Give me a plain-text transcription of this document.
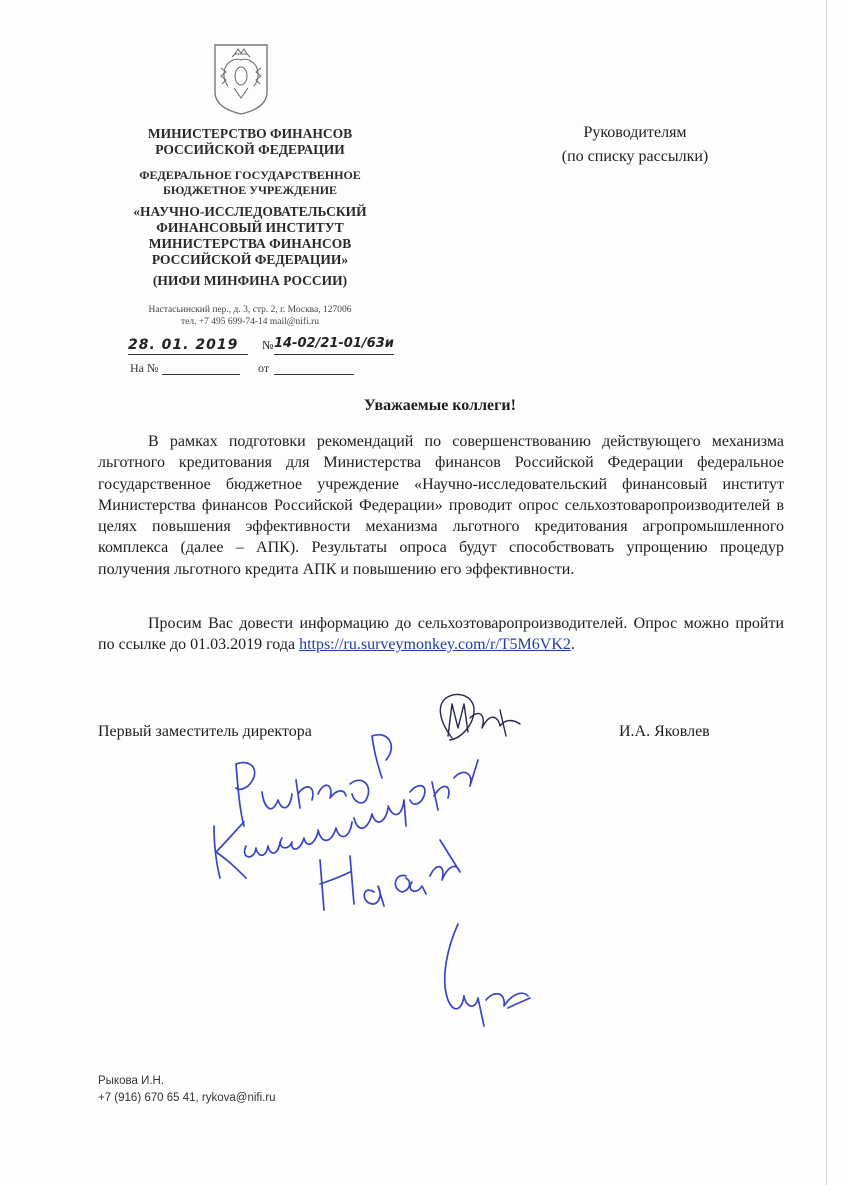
МИНИСТЕРСТВО ФИНАНСОВ РОССИЙСКОЙ ФЕДЕРАЦИИ
ФЕДЕРАЛЬНОЕ ГОСУДАРСТВЕННОЕ БЮДЖЕТНОЕ УЧРЕЖДЕНИЕ
«НАУЧНО-ИССЛЕДОВАТЕЛЬСКИЙ ФИНАНСОВЫЙ ИНСТИТУТ МИНИСТЕРСТВА ФИНАНСОВ РОССИЙСКОЙ ФЕДЕРАЦИИ»
(НИФИ МИНФИНА РОССИИ)
Настасьинский пер., д. 3, стр. 2, г. Москва, 127006
тел. +7 495 699-74-14 mail@nifi.ru
28. 01. 2019 № 14-02/21-01/63и
На №	от
Руководителям
(по списку рассылки)
Уважаемые коллеги!

В рамках подготовки рекомендаций по совершенствованию действующего механизма льготного кредитования для Министерства финансов Российской Федерации федеральное государственное бюджетное учреждение «Научно-исследовательский финансовый институт Министерства финансов Российской Федерации» проводит опрос сельхозтоваропроизводителей в целях повышения эффективности механизма льготного кредитования агропромышленного комплекса (далее – АПК). Результаты опроса будут способствовать упрощению процедур получения льготного кредита АПК и повышению его эффективности.

Просим Вас довести информацию до сельхозтоваропроизводителей. Опрос можно пройти по ссылке до 01.03.2019 года https://ru.surveymonkey.com/r/T5M6VK2.

Первый заместитель директора	И.А. Яковлев
Рыкова И.Н.
+7 (916) 670 65 41, rykova@nifi.ru
